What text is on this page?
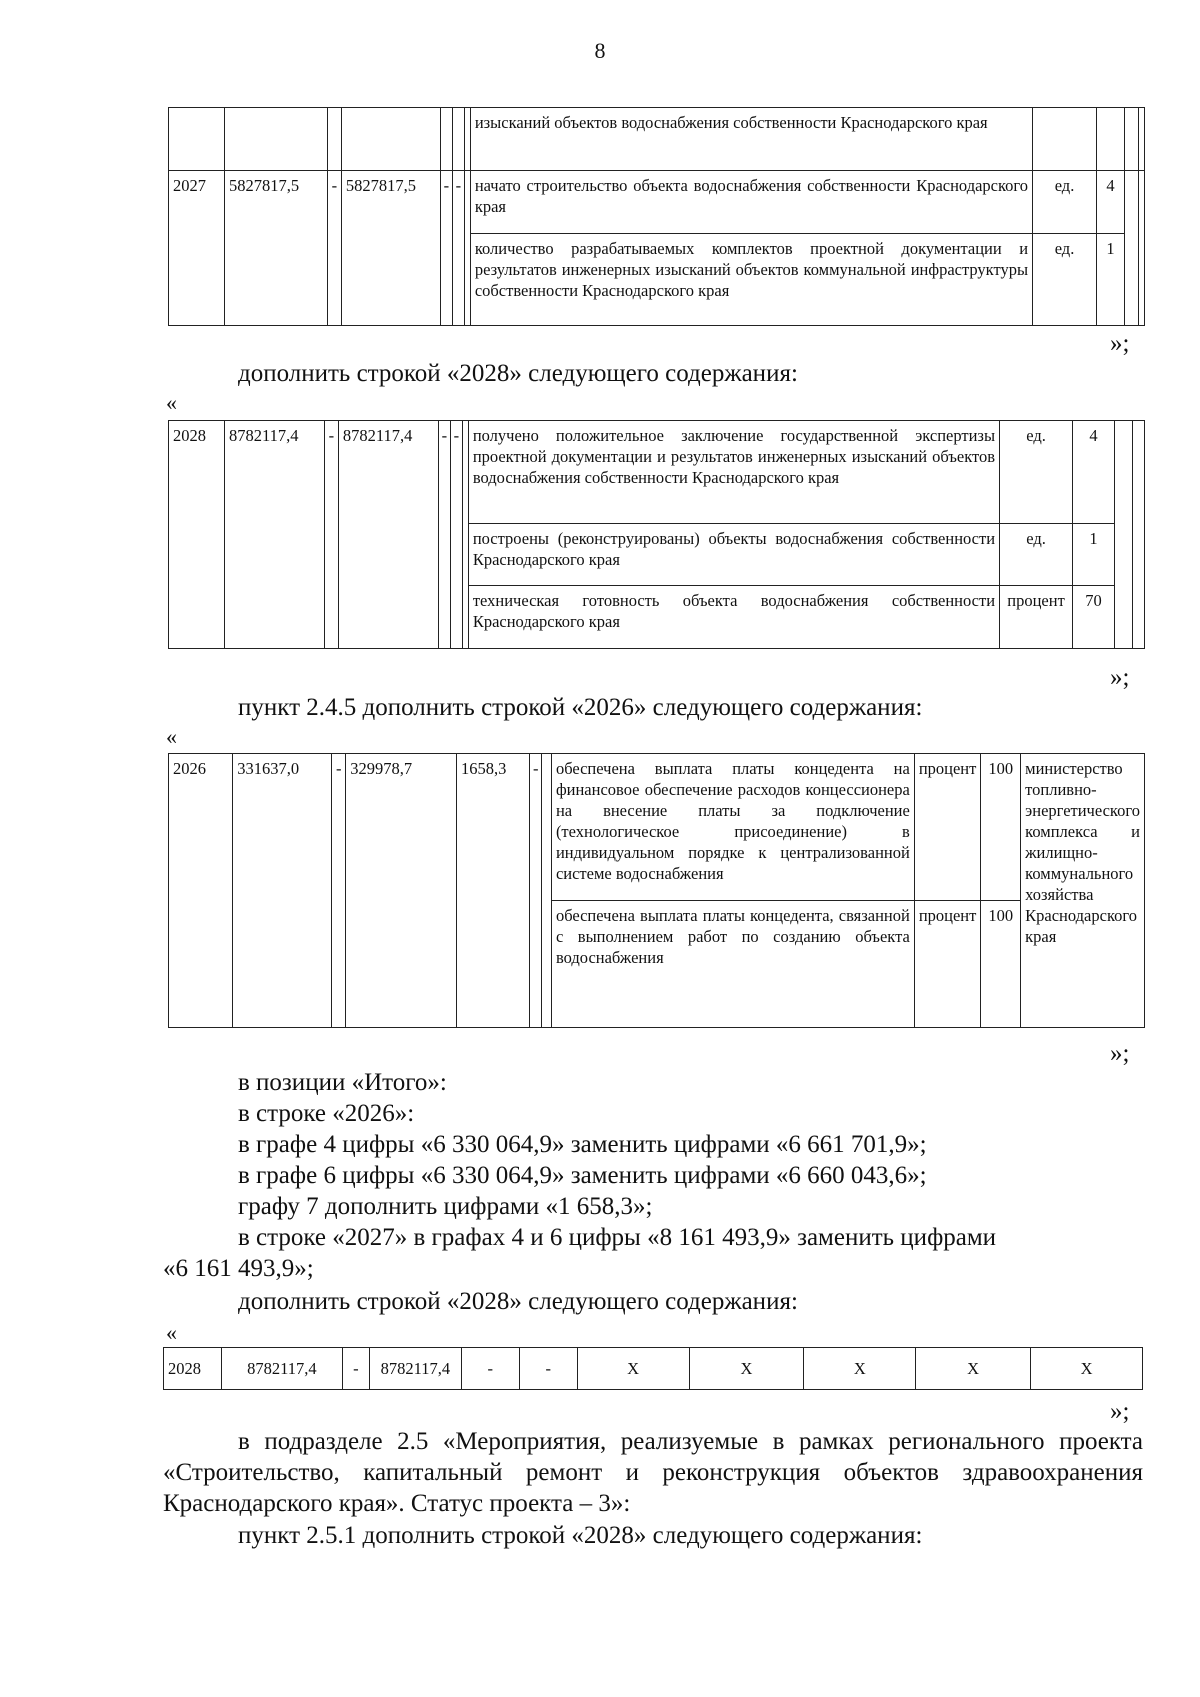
8
							изысканий объектов водоснабжения собственности Краснодарского края				
2027	5827817,5	-	5827817,5	-	-		начато строительство объекта водоснабжения собственности Краснодарского края	ед.	4		
							количество разрабатываемых комплектов проектной документации и результатов инженерных изысканий объектов коммунальной инфраструктуры собственности Краснодарского края	ед.	1		
»;
дополнить строкой «2028» следующего содержания:
«
2028	8782117,4	-	8782117,4	-	-		получено положительное заключение государственной экспертизы проектной документации и результатов инженерных изысканий объектов водоснабжения собственности Краснодарского края	ед.	4		
							построены (реконструированы) объекты водоснабжения собственности Краснодарского края	ед.	1		
							техническая готовность объекта водоснабжения собственности Краснодарского края	процент	70		
»;
пункт 2.4.5 дополнить строкой «2026» следующего содержания:
«
2026	331637,0	-	329978,7	1658,3	-		обеспечена выплата платы концедента на финансовое обеспечение расходов концессионера на внесение платы за подключение (технологическое присоединение) в индивидуальном порядке к централизованной системе водоснабжения	процент	100	министерство топливно-энергетического комплекса и жилищно-коммунального хозяйства Краснодарского края
							обеспечена выплата платы концедента, связанной с выполнением работ по созданию объекта водоснабжения	процент	100	
»;
в позиции «Итого»:
в строке «2026»:
в графе 4 цифры «6 330 064,9» заменить цифрами «6 661 701,9»;
в графе 6 цифры «6 330 064,9» заменить цифрами «6 660 043,6»;
графу 7 дополнить цифрами «1 658,3»;
в строке «2027» в графах 4 и 6 цифры «8 161 493,9» заменить цифрами
«6 161 493,9»;
дополнить строкой «2028» следующего содержания:
«
2028	8782117,4	-	8782117,4	-	-	X	X	X	X	X
»;
в подразделе 2.5 «Мероприятия, реализуемые в рамках регионального проекта «Строительство, капитальный ремонт и реконструкция объектов здравоохранения Краснодарского края». Статус проекта – 3»:
пункт 2.5.1 дополнить строкой «2028» следующего содержания:
